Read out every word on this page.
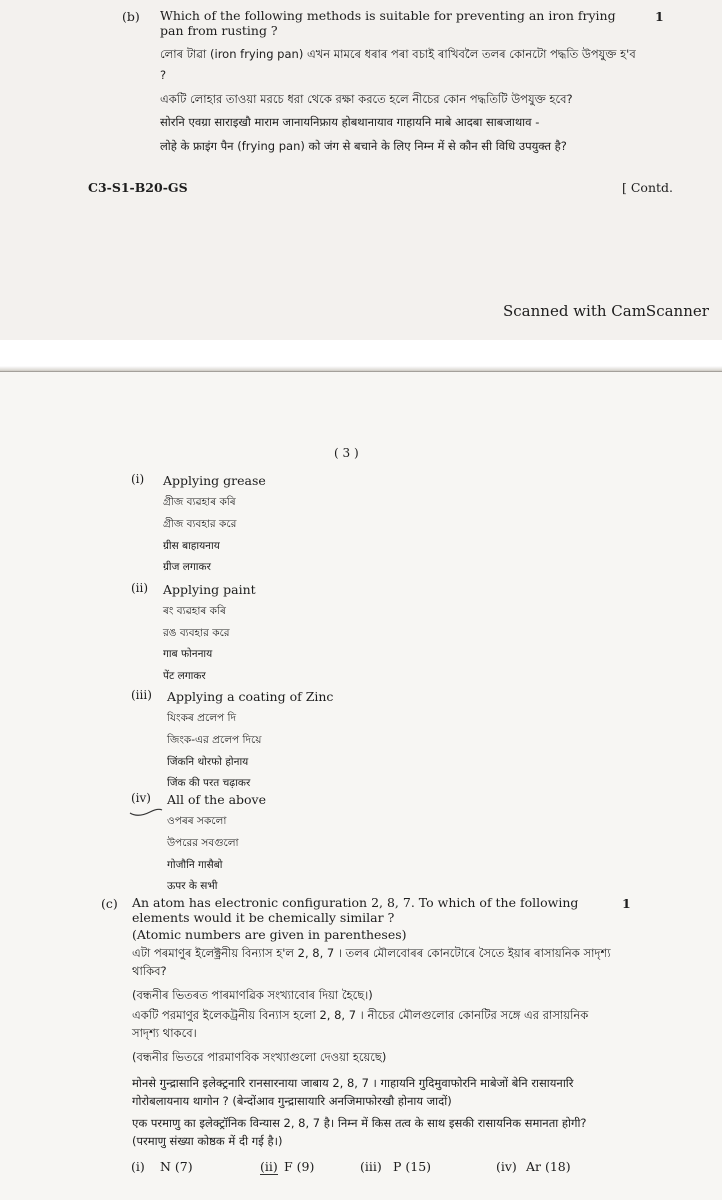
(b) Which of the following methods is suitable for preventing an iron frying pan from rusting ?
1
লোৰ টাৱা (iron frying pan) এখন মামৰে ধৰাৰ পৰা বচাই ৰাখিবলৈ তলৰ কোনটো পদ্ধতি উপযুক্ত হ'ব ?
একটি লোহার তাওয়া মরচে ধরা থেকে রক্ষা করতে হলে নীচের কোন পদ্ধতিটি উপযুক্ত হবে?
सोरनि एवग्रा साराइखौ माराम जानायनिफ्राय होबथानायाव गाहायनि माबे आदबा साबजाथाव -
लोहे के फ्राइंग पैन (frying pan) को जंग से बचाने के लिए निम्न में से कौन सी विधि उपयुक्त है?
C3-S1-B20-GS	[ Contd.
Scanned with CamScanner
( 3 )
(i) Applying grease
গ্ৰীজ ব্যৱহাৰ কৰি
গ্রীজ ব্যবহার করে
ग्रीस बाहायनाय
ग्रीज लगाकर
(ii) Applying paint
ৰং ব্যৱহাৰ কৰি
রঙ ব্যবহার করে
गाब फोननाय
पेंट लगाकर
(iii) Applying a coating of Zinc
যিংকৰ প্ৰলেপ দি
জিংক-এর প্রলেপ দিয়ে
जिंकनि थोरफो होनाय
जिंक की परत चढ़ाकर
(iv) All of the above
ওপৰৰ সকলো
উপরের সবগুলো
गोजौनि गासैबो
ऊपर के सभी
(c) An atom has electronic configuration 2, 8, 7. To which of the following elements would it be chemically similar ?
1
(Atomic numbers are given in parentheses)
এটা পৰমাণুৰ ইলেক্ট্ৰনীয় বিন্যাস হ'ল 2, 8, 7 । তলৰ মৌলবোৰৰ কোনটোৰে সৈতে ইয়াৰ ৰাসায়নিক সাদৃশ্য থাকিব?
(বন্ধনীৰ ভিতৰত পাৰমাণৱিক সংখ্যাবোৰ দিয়া হৈছে।)
একটি পরমাণুর ইলেকট্রনীয় বিন্যাস হলো 2, 8, 7 । নীচের মৌলগুলোর কোনটির সঙ্গে এর রাসায়নিক সাদৃশ্য থাকবে।
(বন্ধনীর ভিতরে পারমাণবিক সংখ্যাগুলো দেওয়া হয়েছে)
मोनसे गुन्द्रासानि इलेक्ट्रनारि रानसारनाया जाबाय 2, 8, 7 । गाहायनि गुदिमुवाफोरनि माबेजों बेनि रासायनारि गोरोबलायनाय थागोन ? (बेन्दोंआव गुन्द्रासायारि अनजिमाफोरखौ होनाय जादों)
एक परमाणु का इलेक्ट्रॉनिक विन्यास 2, 8, 7 है। निम्न में किस तत्व के साथ इसकी रासायनिक समानता होगी? (परमाणु संख्या कोष्ठक में दी गई है।)
(i) N (7)	(ii) F (9)	(iii) P (15)	(iv) Ar (18)
